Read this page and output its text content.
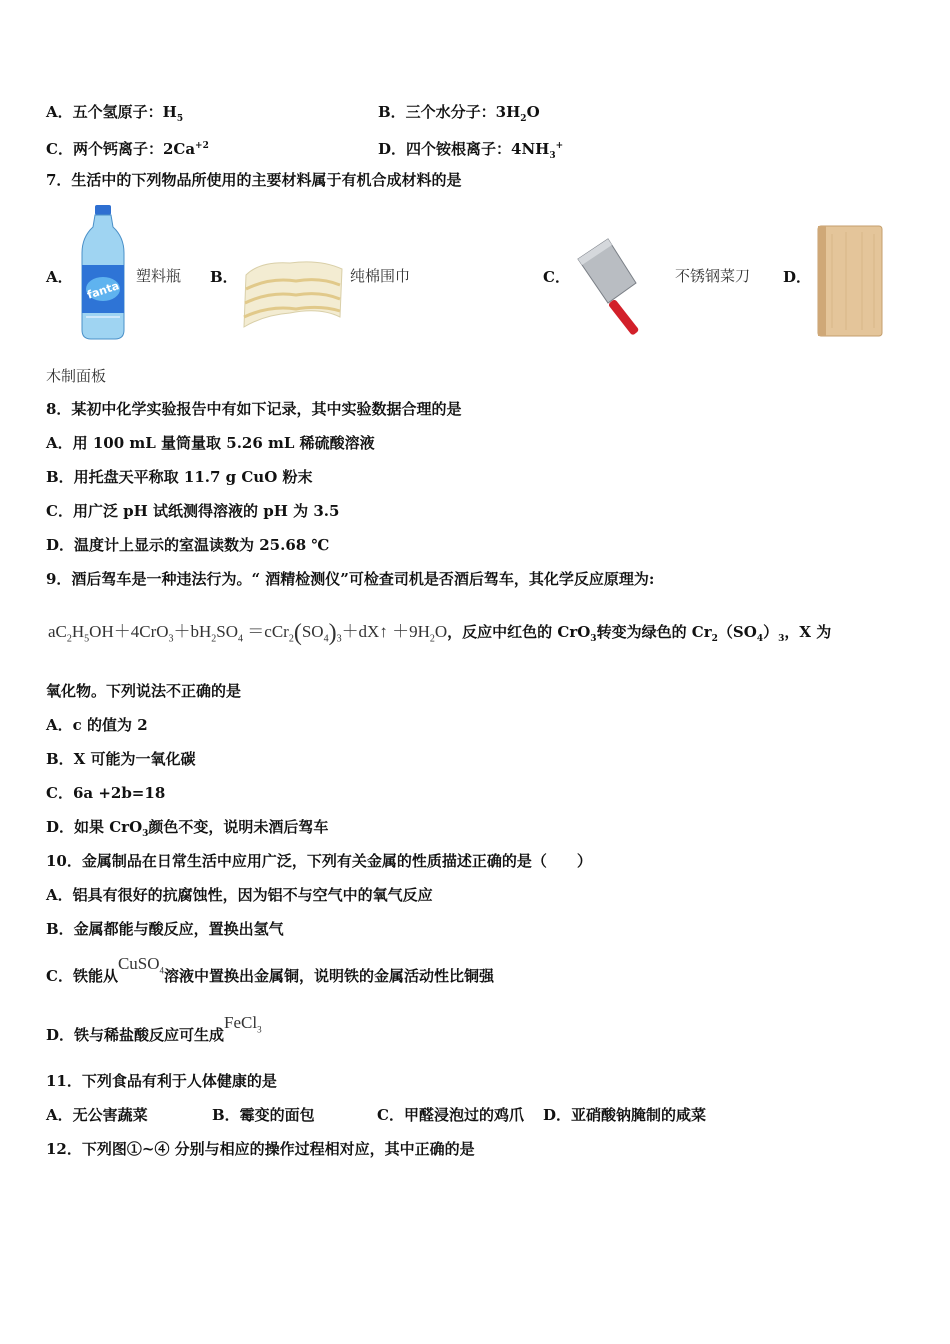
A．五个氢原子：$H_5$	B．三个水分子：$3H_2O$
C．两个钙离子：$2Ca^{+2}$	D．四个铵根离子：$4NH_3^+$
7．生活中的下列物品所使用的主要材料属于有机合成材料的是
A．
fanta
塑料瓶 B．	纯棉围巾	C．	不锈钢菜刀 D．
木制面板
8．某初中化学实验报告中有如下记录，其中实验数据合理的是
A．用 100 mL 量筒量取 5.26 mL 稀硫酸溶液
B．用托盘天平称取 11.7 g CuO 粉末
C．用广泛 pH 试纸测得溶液的 pH 为 3.5
D．温度计上显示的室温读数为 25.68 ℃
9．酒后驾车是一种违法行为。“ 酒精检测仪”可检查司机是否酒后驾车，其化学反应原理为:
$aC_2H_5OH+4CrO_3+bH_2SO_4$ $=cCr_2(SO_4)_3+dX↑ +9H_2O$，反应中红色的 CrO$_3$转变为绿色的 $Cr_2(SO_4)_3$，X 为
氧化物。下列说法不正确的是
A．c 的值为 2
B．X 可能为一氧化碳
C．6a +2b=18
D．如果 CrO$_3$颜色不变，说明未酒后驾车
10．金属制品在日常生活中应用广泛，下列有关金属的性质描述正确的是（　　）
A．铝具有很好的抗腐蚀性，因为铝不与空气中的氧气反应
B．金属都能与酸反应，置换出氢气
C．铁能从CuSO$_4$溶液中置换出金属铜，说明铁的金属活动性比铜强
D．铁与稀盐酸反应可生成FeCl$_3$
11．下列食品有利于人体健康的是
A．无公害蔬菜	B．霉变的面包	C．甲醛浸泡过的鸡爪 D．亚硝酸钠腌制的咸菜
12．下列图①~④ 分别与相应的操作过程相对应，其中正确的是
